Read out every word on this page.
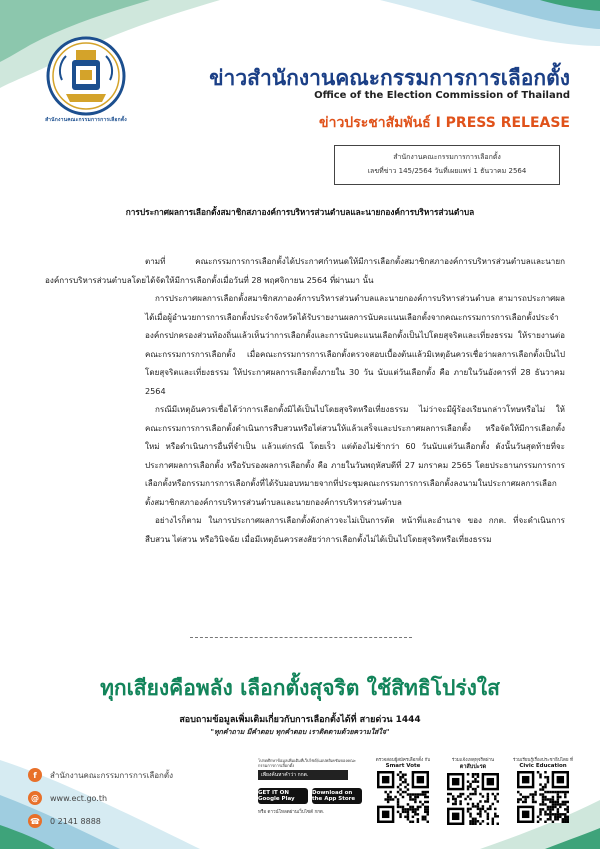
สำนักงานคณะกรรมการการเลือกตั้ง
ข่าวสำนักงานคณะกรรมการการเลือกตั้ง
Office of the Election Commission of Thailand
ข่าวประชาสัมพันธ์ I PRESS RELEASE
สำนักงานคณะกรรมการการเลือกตั้ง
เลขที่ข่าว 145/2564 วันที่เผยแพร่ 1 ธันวาคม 2564
การประกาศผลการเลือกตั้งสมาชิกสภาองค์การบริหารส่วนตำบลและนายกองค์การบริหารส่วนตำบล

ตามที่ คณะกรรมการการเลือกตั้งได้ประกาศกำหนดให้มีการเลือกตั้งสมาชิกสภาองค์การบริหารส่วนตำบลและนายกองค์การบริหารส่วนตำบลโดยได้จัดให้มีการเลือกตั้งเมื่อวันที่ 28 พฤศจิกายน 2564 ที่ผ่านมา นั้น

การประกาศผลการเลือกตั้งสมาชิกสภาองค์การบริหารส่วนตำบลและนายกองค์การบริหารส่วนตำบล สามารถประกาศผลได้เมื่อผู้อำนวยการการเลือกตั้งประจำจังหวัดได้รับรายงานผลการนับคะแนนเลือกตั้งจากคณะกรรมการการเลือกตั้งประจำองค์กรปกครองส่วนท้องถิ่นแล้วเห็นว่าการเลือกตั้งและการนับคะแนนเลือกตั้งเป็นไปโดยสุจริตและเที่ยงธรรม ให้รายงานต่อคณะกรรมการการเลือกตั้ง เมื่อคณะกรรมการการเลือกตั้งตรวจสอบเบื้องต้นแล้วมิเหตุอันควรเชื่อว่าผลการเลือกตั้งเป็นไปโดยสุจริตและเที่ยงธรรม ให้ประกาศผลการเลือกตั้งภายใน 30 วัน นับแต่วันเลือกตั้ง คือ ภายในวันอังคารที่ 28 ธันวาคม 2564

กรณีมีเหตุอันควรเชื่อได้ว่าการเลือกตั้งมิได้เป็นไปโดยสุจริตหรือเที่ยงธรรม ไม่ว่าจะมีผู้ร้องเรียนกล่าวโทษหรือไม่ ให้คณะกรรมการการเลือกตั้งดำเนินการสืบสวนหรือไต่สวนให้แล้วเสร็จและประกาศผลการเลือกตั้ง หรือจัดให้มีการเลือกตั้งใหม่ หรือดำเนินการอื่นที่จำเป็น แล้วแต่กรณี โดยเร็ว แต่ต้องไม่ช้ากว่า 60 วันนับแต่วันเลือกตั้ง ดังนั้นวันสุดท้ายที่จะประกาศผลการเลือกตั้ง หรือรับรองผลการเลือกตั้ง คือ ภายในวันพฤหัสบดีที่ 27 มกราคม 2565 โดยประธานกรรมการการเลือกตั้งหรือกรรมการการเลือกตั้งที่ได้รับมอบหมายจากที่ประชุมคณะกรรมการการเลือกตั้งลงนามในประกาศผลการเลือกตั้งสมาชิกสภาองค์การบริหารส่วนตำบลและนายกองค์การบริหารส่วนตำบล

อย่างไรก็ตาม ในการประกาศผลการเลือกตั้งดังกล่าวจะไม่เป็นการตัด หน้าที่และอำนาจ ของ กกต. ที่จะดำเนินการสืบสวน ไต่สวน หรือวินิจฉัย เมื่อมีเหตุอันควรสงสัยว่าการเลือกตั้งไม่ได้เป็นไปโดยสุจริตหรือเที่ยงธรรม

ทุกเสียงคือพลัง เลือกตั้งสุจริต ใช้สิทธิโปร่งใส
สอบถามข้อมูลเพิ่มเติมเกี่ยวกับการเลือกตั้งได้ที่ สายด่วน 1444
"ทุกคำถาม มีคำตอบ ทุกคำตอบ เราติดตามด้วยความใส่ใจ"
f	สำนักงานคณะกรรมการการเลือกตั้ง
@	www.ect.go.th
☎ 0 2141 8888
โปรดศึกษาข้อมูลเพิ่มเติมที่เว็บไซต์/แอปพลิเคชันของคณะกรรมการการเลือกตั้ง
เพียงค้นหาคำว่า กกต.
GET IT ON Google Play
Download on the App Store
หรือ ดาวน์โหลดผ่านเว็บไซต์ กกต.
ตรวจสอบผู้สมัครเลือกตั้ง กับ
Smart Vote
ร่วมแจ้งเหตุทุจริตผ่าน
ตาสับปะรด
ร่วมเรียนรู้เรื่องประชาธิปไตย ที่
Civic Education
